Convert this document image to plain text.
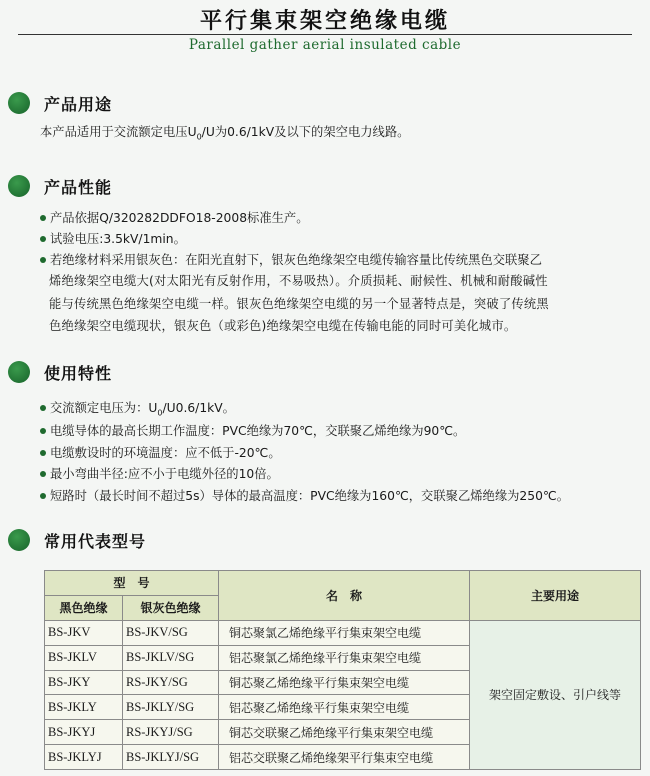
平行集束架空绝缘电缆
Parallel gather aerial insulated cable
产品用途
本产品适用于交流额定电压$U_0/U$为0.6/1kV及以下的架空电力线路。
产品性能
产品依据Q/320282DDFO18-2008标准生产。
试验电压:3.5kV/1min。
若绝缘材料采用银灰色：在阳光直射下，银灰色绝缘架空电缆传输容量比传统黑色交联聚乙
烯绝缘架空电缆大(对太阳光有反射作用，不易吸热）。介质损耗、耐候性、机械和耐酸碱性
能与传统黑色绝缘架空电缆一样。银灰色绝缘架空电缆的另一个显著特点是，突破了传统黑
色绝缘架空电缆现状，银灰色（或彩色)绝缘架空电缆在传输电能的同时可美化城市。
使用特性
交流额定电压为：$U_0/U0.6/1kV$。
电缆导体的最高长期工作温度：PVC绝缘为70℃，交联聚乙烯绝缘为90℃。
电缆敷设时的环境温度：应不低于-20℃。
最小弯曲半径:应不小于电缆外径的10倍。
短路时（最长时间不超过5s）导体的最高温度：PVC绝缘为160℃，交联聚乙烯绝缘为250℃。
常用代表型号
型　号		名　称	主要用途
黑色绝缘	银灰色绝缘		
BS-JKV	BS-JKV/SG	铜芯聚氯乙烯绝缘平行集束架空电缆	架空固定敷设、引户线等
BS-JKLV	BS-JKLV/SG	铝芯聚氯乙烯绝缘平行集束架空电缆	
BS-JKY	RS-JKY/SG	铜芯聚乙烯绝缘平行集束架空电缆	
BS-JKLY	BS-JKLY/SG	铝芯聚乙烯绝缘平行集束架空电缆	
BS-JKYJ	RS-JKYJ/SG	铜芯交联聚乙烯绝缘平行集束架空电缆	
BS-JKLYJ	BS-JKLYJ/SG	铝芯交联聚乙烯绝缘架平行集束空电缆	
